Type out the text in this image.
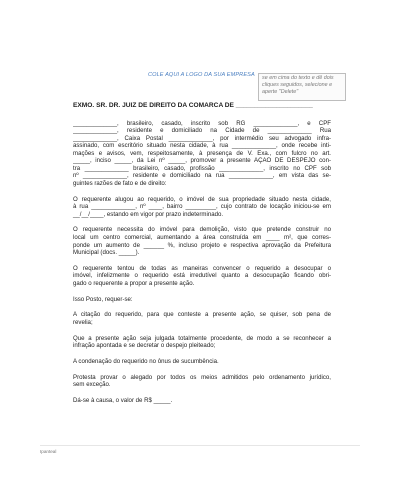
COLE AQUI A LOGO DA SUA EMPRESA se em cima do texto e dê dois
cliques seguidos, selecione e
aperte "Delete"
EXMO. SR. DR. JUIZ DE DIREITO DA COMARCA DE _____________________
_____________, brasileiro, casado, inscrito sob RG _____________, e CPF
_____________, residente e domiciliado na Cidade de _____________ Rua
_____________, Caixa Postal _____________, por intermédio seu advogado infra-
assinado, com escritório situado nesta cidade, à rua _____________, onde recebe inti-
mações e avisos, vem, respeitosamente, à presença de V. Exa., com fulcro no art.
_____, inciso _____, da Lei nº _____, promover a presente AÇÃO DE DESPEJO con-
tra _____________ brasileiro, casado, profissão _____________, inscrito no CPF sob
nº _____________, residente e domiciliado na rua _____________, em vista das se-
guintes razões de fato e de direito:
O requerente alugou ao requerido, o imóvel de sua propriedade situado nesta cidade,
à rua _____________, nº ____, bairro _________, cujo contrato de locação iniciou-se em
__/__/____, estando em vigor por prazo indeterminado.
O requerente necessita do imóvel para demolição, visto que pretende construir no
local um centro comercial, aumentando a área construída em ____ m², que corres-
ponde um aumento de ______ %, incluso projeto e respectiva aprovação da Prefeitura
Municipal (docs. _____).
O requerente tentou de todas as maneiras convencer o requerido a desocupar o
imóvel, infelizmente o requerido está irredutível quanto a desocupação ficando obri-
gado o requerente a propor a presente ação.
Isso Posto, requer-se:
A citação do requerido, para que conteste a presente ação, se quiser, sob pena de
revelia;
Que a presente ação seja julgada totalmente procedente, de modo a se reconhecer a
infração apontada e se decretar o despejo pleiteado;
A condenação do requerido no ônus de sucumbência.
Protesta provar o alegado por todos os meios admitidos pelo ordenamento jurídico,
sem exceção.
Dá-se à causa, o valor de R$ _____.
Ipanteal
